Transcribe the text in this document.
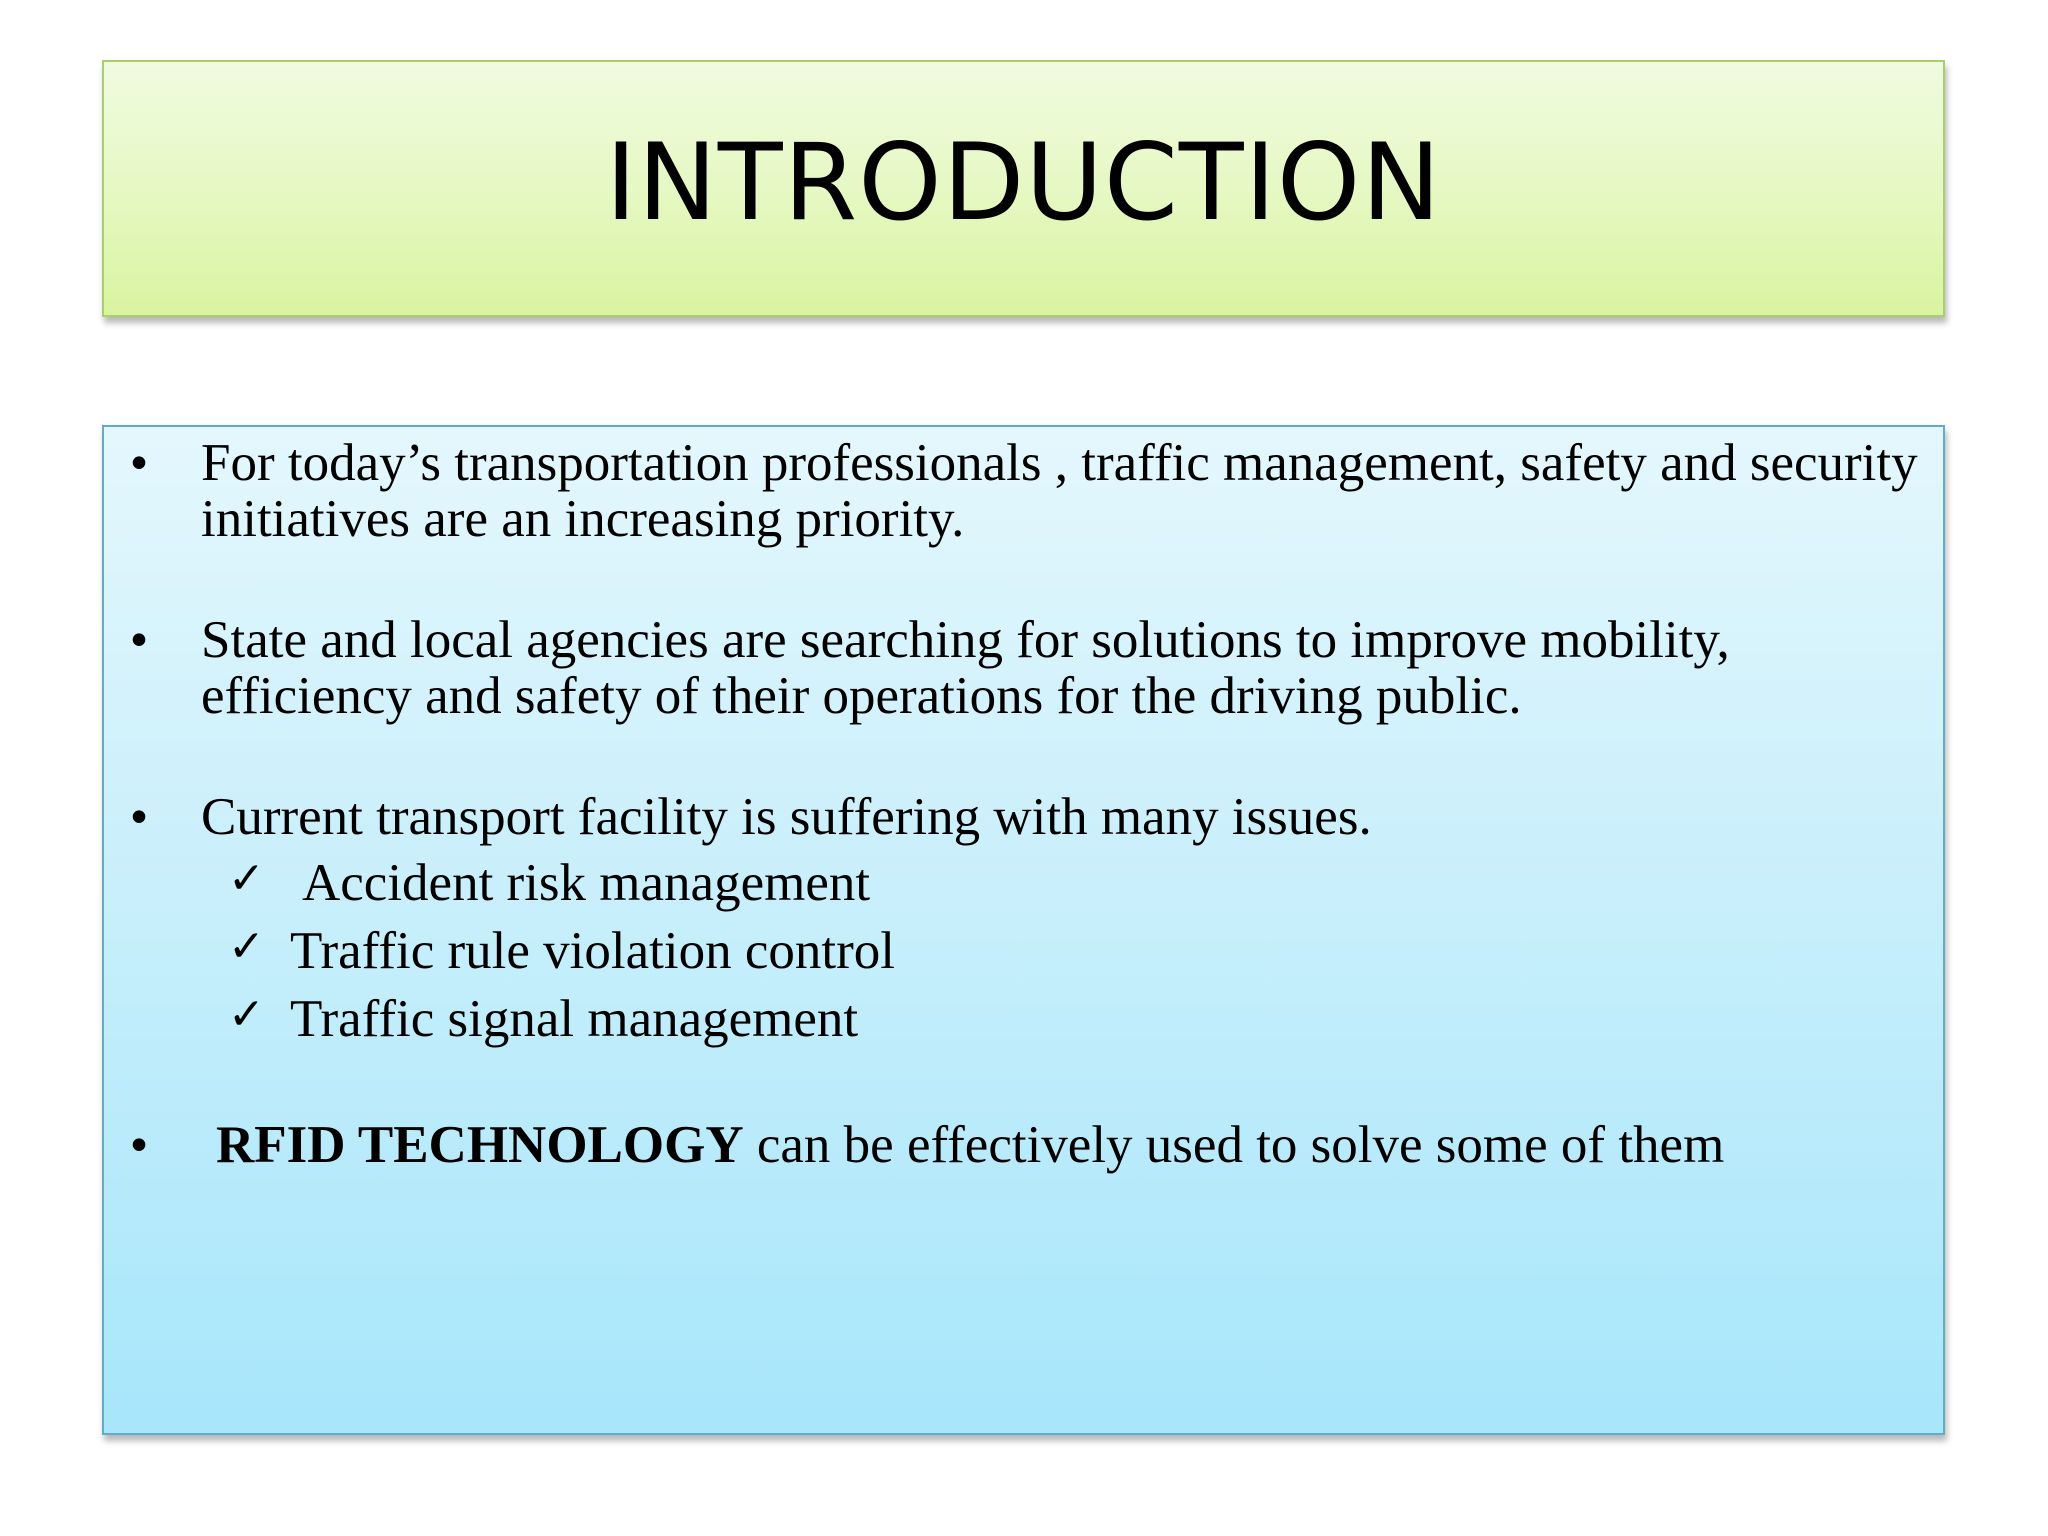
INTRODUCTION
• For today’s transportation professionals , traffic management, safety and security initiatives are an increasing priority.
• State and local agencies are searching for solutions to improve mobility, efficiency and safety of their operations for the driving public.
• Current transport facility is suffering with many issues.
✓ Accident risk management
✓ Traffic rule violation control
✓ Traffic signal management
• RFID TECHNOLOGY can be effectively used to solve some of them
